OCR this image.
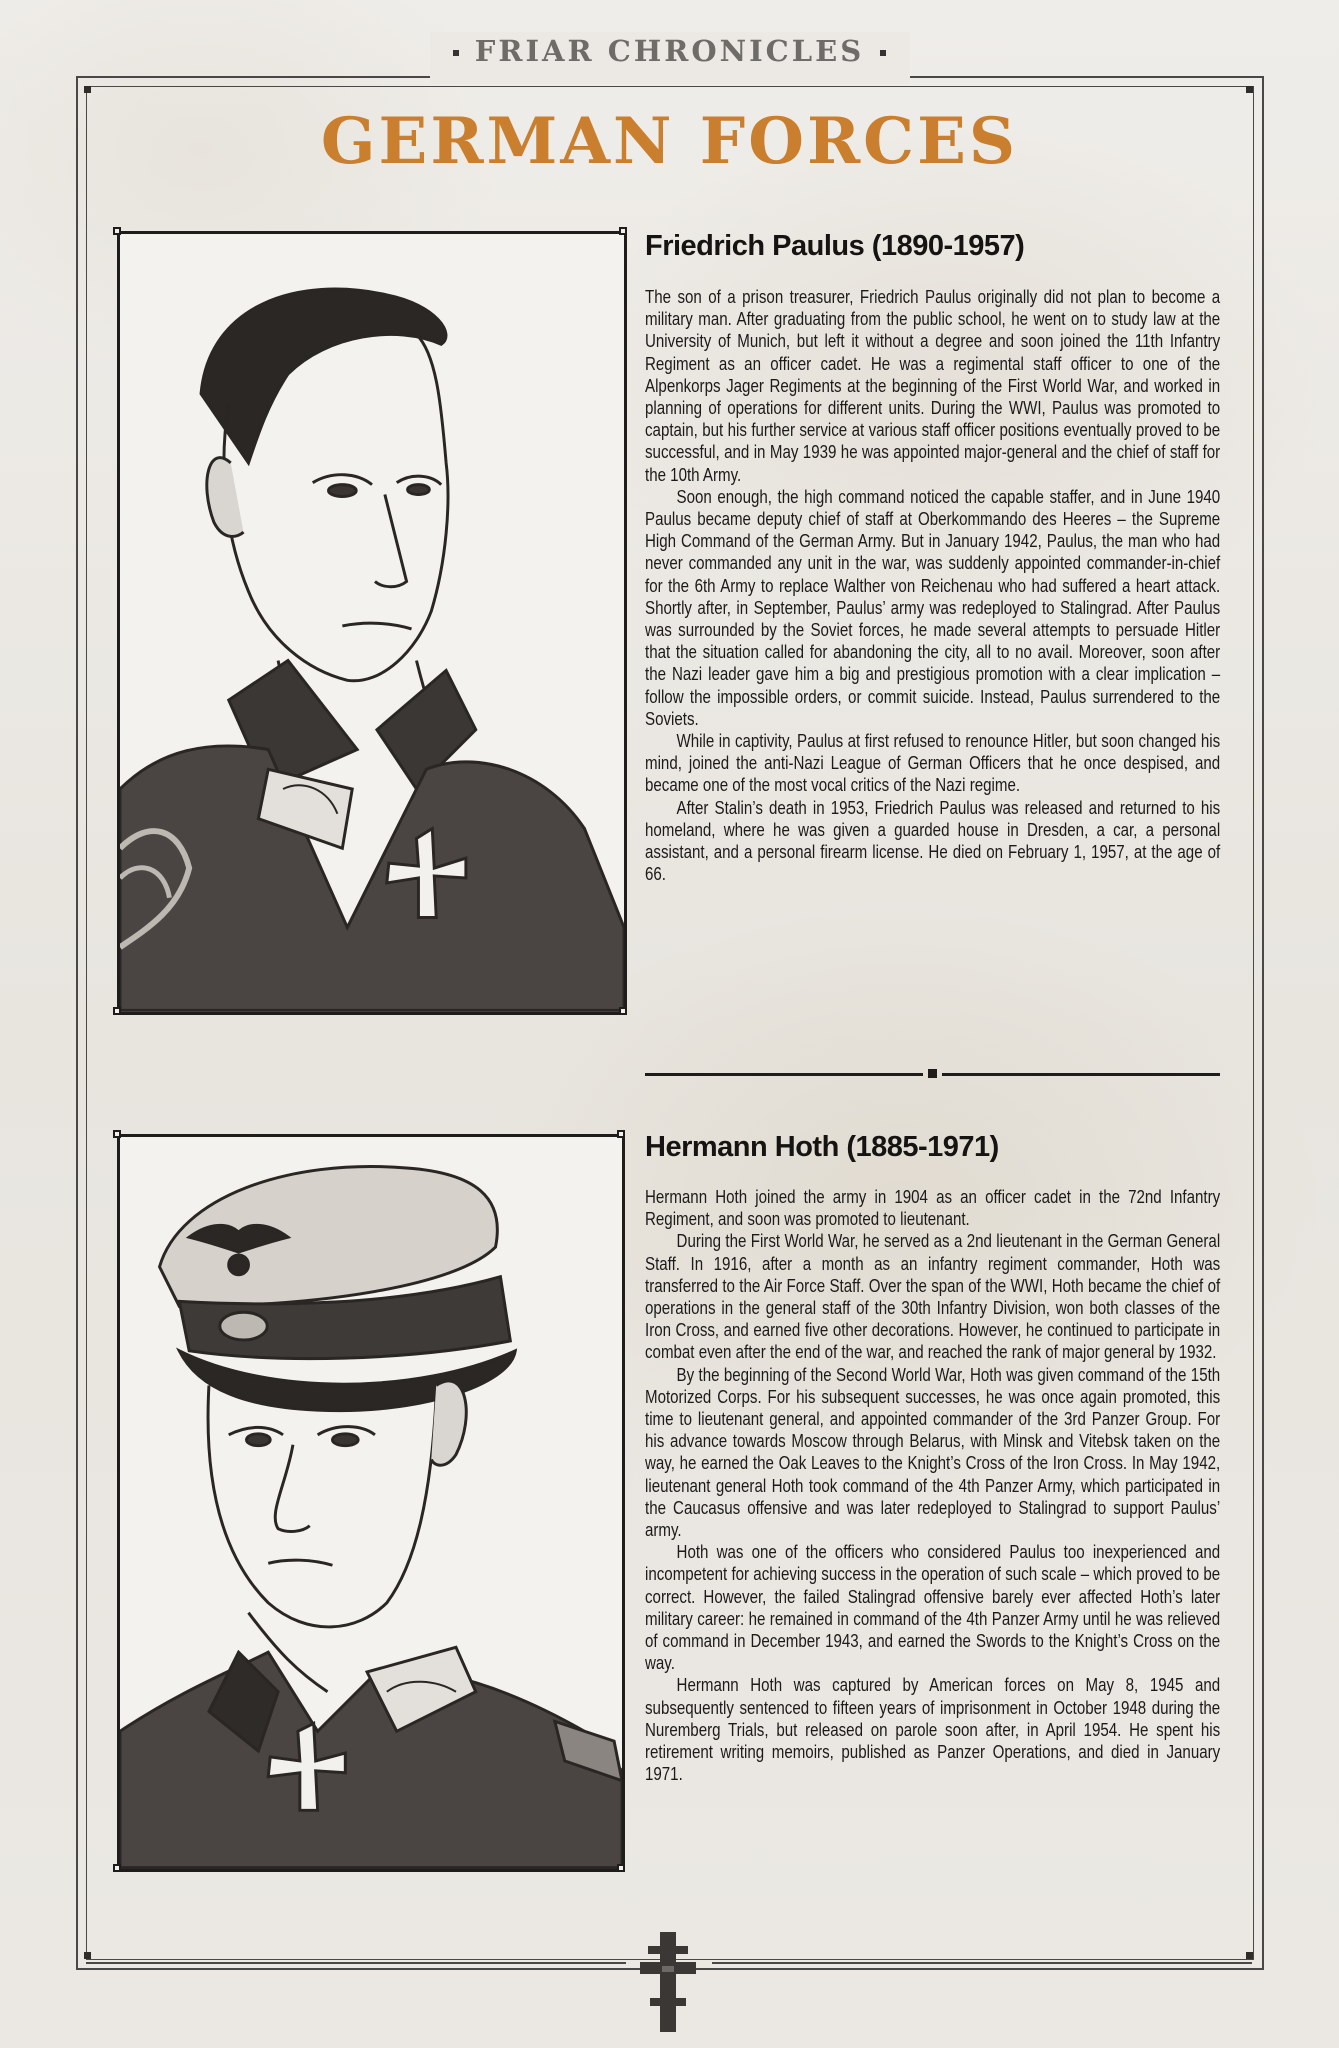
FRIAR CHRONICLES
GERMAN FORCES
Friedrich Paulus (1890-1957)

The son of a prison treasurer, Friedrich Paulus originally did not plan to become a military man. After graduating from the public school, he went on to study law at the University of Munich, but left it without a degree and soon joined the 11th Infantry Regiment as an officer cadet. He was a regimental staff officer to one of the Alpenkorps Jager Regiments at the beginning of the First World War, and worked in planning of operations for different units. During the WWI, Paulus was promoted to captain, but his further service at various staff officer positions eventually proved to be successful, and in May 1939 he was appointed major-general and the chief of staff for the 10th Army.

Soon enough, the high command noticed the capable staffer, and in June 1940 Paulus became deputy chief of staff at Oberkommando des Heeres – the Supreme High Command of the German Army. But in January 1942, Paulus, the man who had never commanded any unit in the war, was suddenly appointed commander-in-chief for the 6th Army to replace Walther von Reichenau who had suffered a heart attack. Shortly after, in September, Paulus’ army was redeployed to Stalingrad. After Paulus was surrounded by the Soviet forces, he made several attempts to persuade Hitler that the situation called for abandoning the city, all to no avail. Moreover, soon after the Nazi leader gave him a big and prestigious promotion with a clear implication – follow the impossible orders, or commit suicide. Instead, Paulus surrendered to the Soviets.

While in captivity, Paulus at first refused to renounce Hitler, but soon changed his mind, joined the anti-Nazi League of German Officers that he once despised, and became one of the most vocal critics of the Nazi regime.

After Stalin’s death in 1953, Friedrich Paulus was released and returned to his homeland, where he was given a guarded house in Dresden, a car, a personal assistant, and a personal firearm license. He died on February 1, 1957, at the age of 66.

Hermann Hoth (1885-1971)

Hermann Hoth joined the army in 1904 as an officer cadet in the 72nd Infantry Regiment, and soon was promoted to lieutenant.

During the First World War, he served as a 2nd lieutenant in the German General Staff. In 1916, after a month as an infantry regiment commander, Hoth was transferred to the Air Force Staff. Over the span of the WWI, Hoth became the chief of operations in the general staff of the 30th Infantry Division, won both classes of the Iron Cross, and earned five other decorations. However, he continued to participate in combat even after the end of the war, and reached the rank of major general by 1932.

By the beginning of the Second World War, Hoth was given command of the 15th Motorized Corps. For his subsequent successes, he was once again promoted, this time to lieutenant general, and appointed commander of the 3rd Panzer Group. For his advance towards Moscow through Belarus, with Minsk and Vitebsk taken on the way, he earned the Oak Leaves to the Knight’s Cross of the Iron Cross. In May 1942, lieutenant general Hoth took command of the 4th Panzer Army, which participated in the Caucasus offensive and was later redeployed to Stalingrad to support Paulus’ army.

Hoth was one of the officers who considered Paulus too inexperienced and incompetent for achieving success in the operation of such scale – which proved to be correct. However, the failed Stalingrad offensive barely ever affected Hoth’s later military career: he remained in command of the 4th Panzer Army until he was relieved of command in December 1943, and earned the Swords to the Knight’s Cross on the way.

Hermann Hoth was captured by American forces on May 8, 1945 and subsequently sentenced to fifteen years of imprisonment in October 1948 during the Nuremberg Trials, but released on parole soon after, in April 1954. He spent his retirement writing memoirs, published as Panzer Operations, and died in January 1971.
